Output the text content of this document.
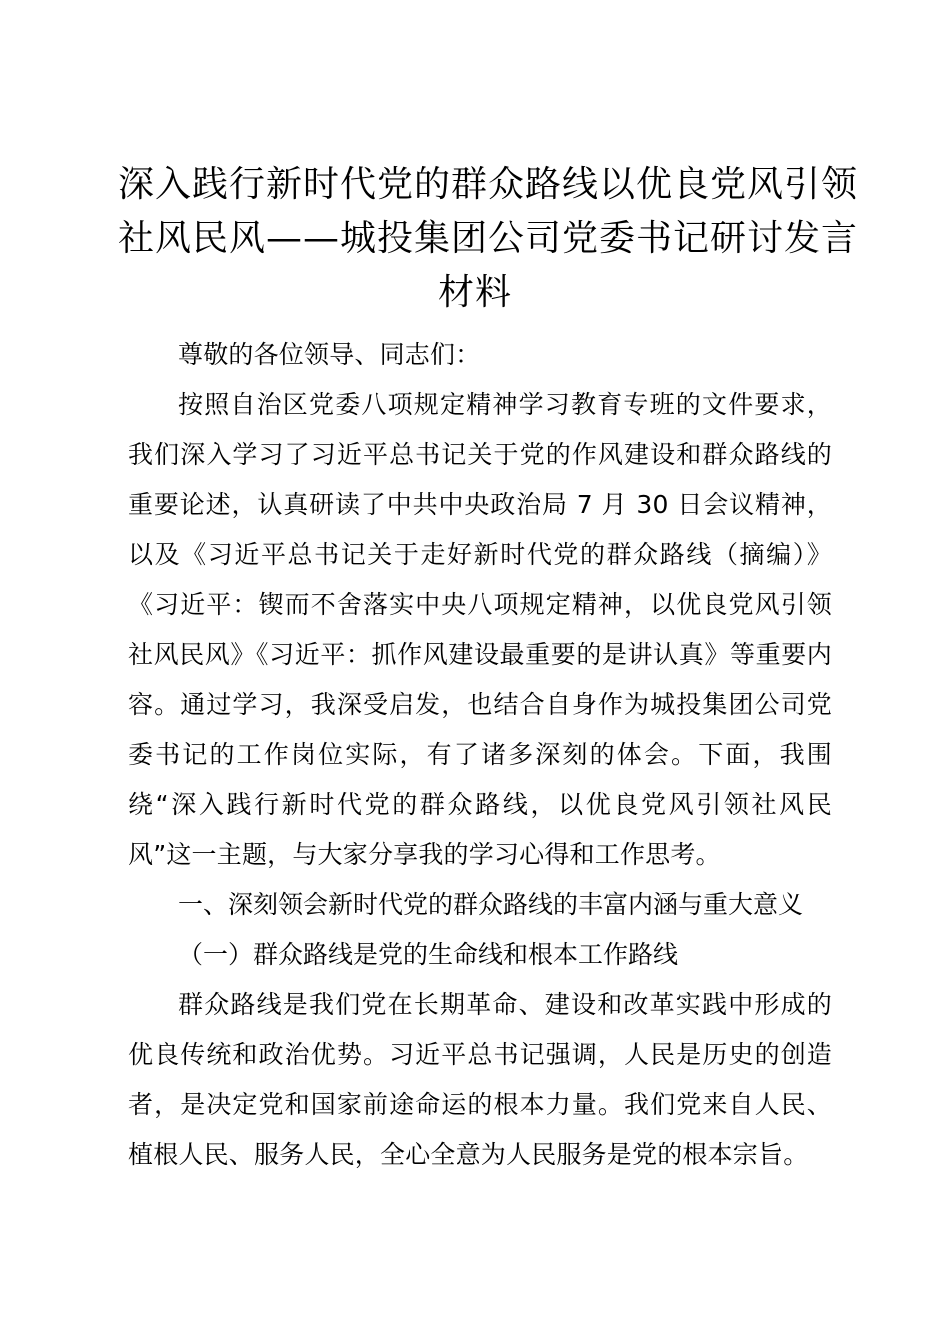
深入践行新时代党的群众路线以优良党风引领
社风民风——城投集团公司党委书记研讨发言
材料

尊敬的各位领导、同志们：

按照自治区党委八项规定精神学习教育专班的文件要求，我们深入学习了习近平总书记关于党的作风建设和群众路线的重要论述，认真研读了中共中央政治局 7 月 30 日会议精神，以及《习近平总书记关于走好新时代党的群众路线（摘编）》《习近平：锲而不舍落实中央八项规定精神，以优良党风引领社风民风》《习近平：抓作风建设最重要的是讲认真》等重要内容。通过学习，我深受启发，也结合自身作为城投集团公司党委书记的工作岗位实际，有了诸多深刻的体会。下面，我围绕“深入践行新时代党的群众路线，以优良党风引领社风民风”这一主题，与大家分享我的学习心得和工作思考。

一、深刻领会新时代党的群众路线的丰富内涵与重大意义

（一）群众路线是党的生命线和根本工作路线

群众路线是我们党在长期革命、建设和改革实践中形成的优良传统和政治优势。习近平总书记强调，人民是历史的创造者，是决定党和国家前途命运的根本力量。我们党来自人民、植根人民、服务人民，全心全意为人民服务是党的根本宗旨。
